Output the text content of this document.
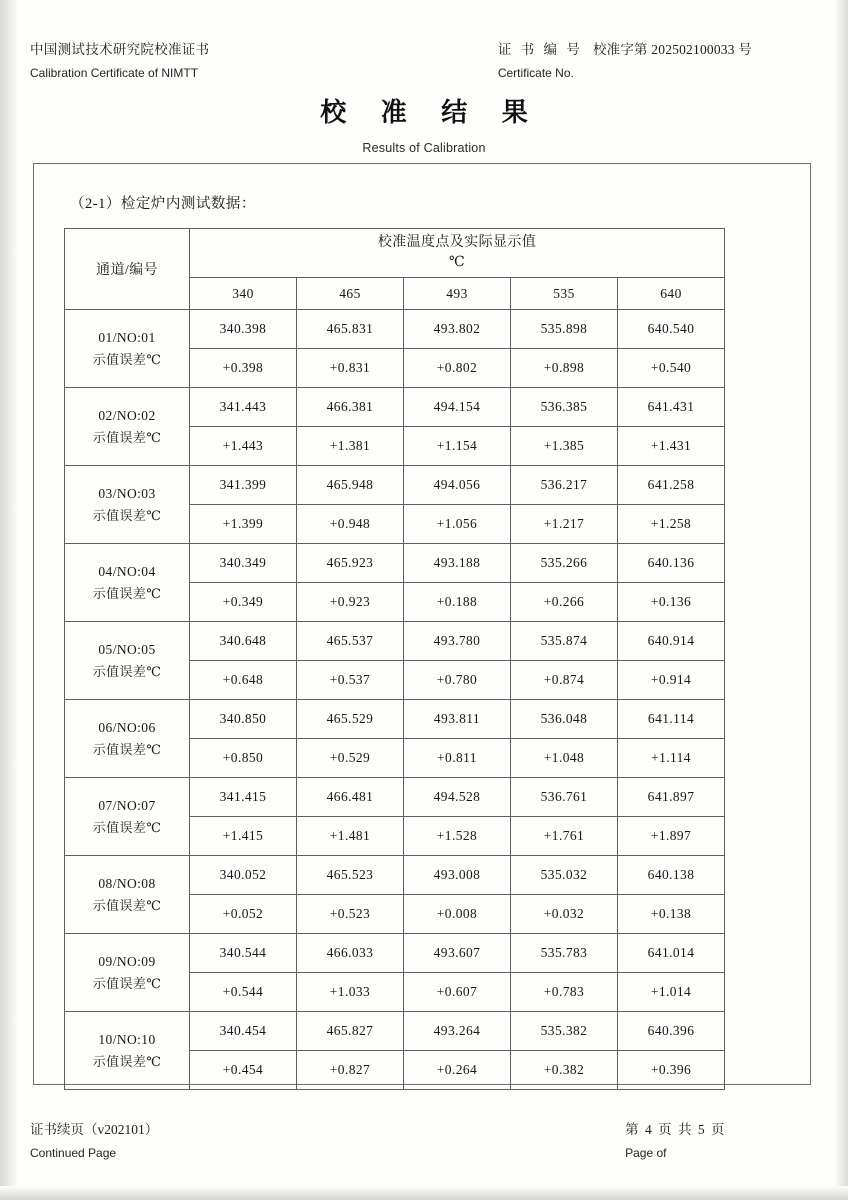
中国测试技术研究院校准证书
Calibration Certificate of NIMTT
证 书 编 号 校准字第 202502100033 号
Certificate No.
校 准 结 果
Results of Calibration
（2-1）检定炉内测试数据：
通道/编号	校准温度点及实际显示值
℃				
	340	465	493	535	640

01/NO:01
示值误差℃	340.398	465.831	493.802	535.898	640.540
	+0.398	+0.831	+0.802	+0.898	+0.540

02/NO:02
示值误差℃	341.443	466.381	494.154	536.385	641.431
	+1.443	+1.381	+1.154	+1.385	+1.431

03/NO:03
示值误差℃	341.399	465.948	494.056	536.217	641.258
	+1.399	+0.948	+1.056	+1.217	+1.258

04/NO:04
示值误差℃	340.349	465.923	493.188	535.266	640.136
	+0.349	+0.923	+0.188	+0.266	+0.136

05/NO:05
示值误差℃	340.648	465.537	493.780	535.874	640.914
	+0.648	+0.537	+0.780	+0.874	+0.914

06/NO:06
示值误差℃	340.850	465.529	493.811	536.048	641.114
	+0.850	+0.529	+0.811	+1.048	+1.114

07/NO:07
示值误差℃	341.415	466.481	494.528	536.761	641.897
	+1.415	+1.481	+1.528	+1.761	+1.897

08/NO:08
示值误差℃	340.052	465.523	493.008	535.032	640.138
	+0.052	+0.523	+0.008	+0.032	+0.138

09/NO:09
示值误差℃	340.544	466.033	493.607	535.783	641.014
	+0.544	+1.033	+0.607	+0.783	+1.014

10/NO:10
示值误差℃	340.454	465.827	493.264	535.382	640.396
	+0.454	+0.827	+0.264	+0.382	+0.396
证书续页（v202101）
Continued Page
第 4 页 共 5 页
Page of
